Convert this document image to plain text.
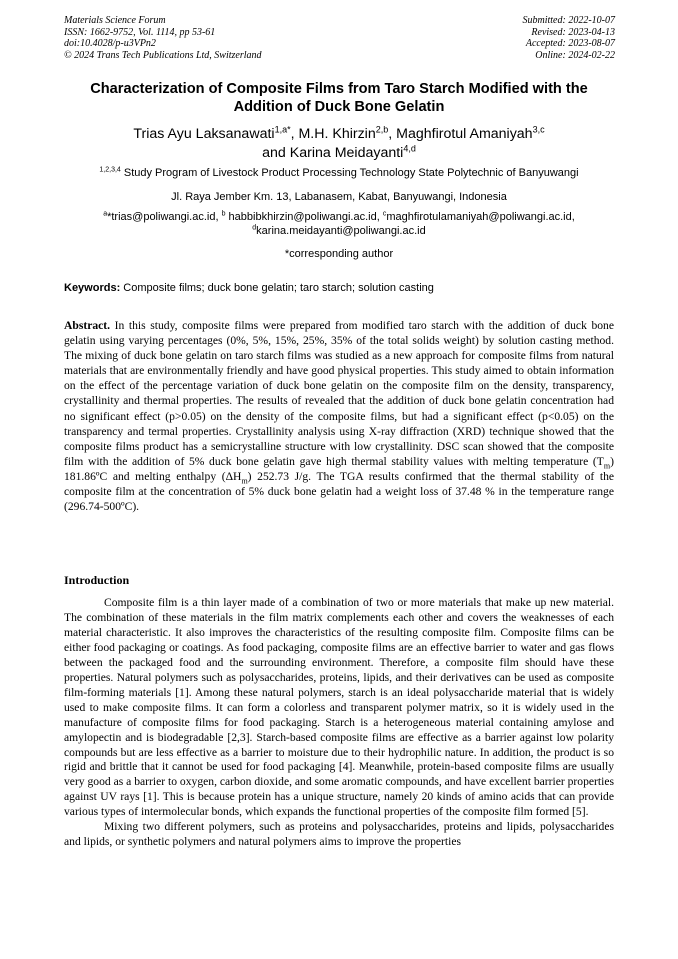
Materials Science Forum
ISSN: 1662-9752, Vol. 1114, pp 53-61
doi:10.4028/p-u3VPn2
© 2024 Trans Tech Publications Ltd, Switzerland
Submitted: 2022-10-07
Revised: 2023-04-13
Accepted: 2023-08-07
Online: 2024-02-22
Characterization of Composite Films from Taro Starch Modified with the
Addition of Duck Bone Gelatin
Trias Ayu Laksanawati$^{1,a*}$, M.H. Khirzin$^{2,b}$, Maghfirotul Amaniyah$^{3,c}$
and Karina Meidayanti$^{4,d}$
$^{1,2,3,4}$ Study Program of Livestock Product Processing Technology State Polytechnic of Banyuwangi
Jl. Raya Jember Km. 13, Labanasem, Kabat, Banyuwangi, Indonesia
$^a$*trias@poliwangi.ac.id, $^b$ habbibkhirzin@poliwangi.ac.id, $^c$maghfirotulamaniyah@poliwangi.ac.id,
$^d$karina.meidayanti@poliwangi.ac.id
*corresponding author
Keywords: Composite films; duck bone gelatin; taro starch; solution casting

Abstract. In this study, composite films were prepared from modified taro starch with the addition of duck bone gelatin using varying percentages (0%, 5%, 15%, 25%, 35% of the total solids weight) by solution casting method. The mixing of duck bone gelatin on taro starch films was studied as a new approach for composite films from natural materials that are environmentally friendly and have good physical properties. This study aimed to obtain information on the effect of the percentage variation of duck bone gelatin on the composite film on the density, transparency, crystallinity and thermal properties. The results of revealed that the addition of duck bone gelatin concentration had no significant effect (p>0.05) on the density of the composite films, but had a significant effect (p<0.05) on the transparency and termal properties. Crystallinity analysis using X-ray diffraction (XRD) technique showed that the composite films product has a semicrystalline structure with low crystallinity. DSC scan showed that the composite film with the addition of 5% duck bone gelatin gave high thermal stability values with melting temperature $(T_m)$ 181.86ºC and melting enthalpy $(\Delta H_m)$ 252.73 J/g. The TGA results confirmed that the thermal stability of the composite film at the concentration of 5% duck bone gelatin had a weight loss of 37.48 % in the temperature range (296.74-500ºC).

Introduction

Composite film is a thin layer made of a combination of two or more materials that make up new material. The combination of these materials in the film matrix complements each other and covers the weaknesses of each material characteristic. It also improves the characteristics of the resulting composite film. Composite films can be either food packaging or coatings. As food packaging, composite films are an effective barrier to water and gas flows between the packaged food and the surrounding environment. Therefore, a composite film should have these properties. Natural polymers such as polysaccharides, proteins, lipids, and their derivatives can be used as composite film-forming materials [1]. Among these natural polymers, starch is an ideal polysaccharide material that is widely used to make composite films. It can form a colorless and transparent polymer matrix, so it is widely used in the manufacture of composite films for food packaging. Starch is a heterogeneous material containing amylose and amylopectin and is biodegradable [2,3]. Starch-based composite films are effective as a barrier against low polarity compounds but are less effective as a barrier to moisture due to their hydrophilic nature. In addition, the product is so rigid and brittle that it cannot be used for food packaging [4]. Meanwhile, protein-based composite films are usually very good as a barrier to oxygen, carbon dioxide, and some aromatic compounds, and have excellent barrier properties against UV rays [1]. This is because protein has a unique structure, namely 20 kinds of amino acids that can provide various types of intermolecular bonds, which expands the functional properties of the composite film formed [5].

Mixing two different polymers, such as proteins and polysaccharides, proteins and lipids, polysaccharides and lipids, or synthetic polymers and natural polymers aims to improve the properties
